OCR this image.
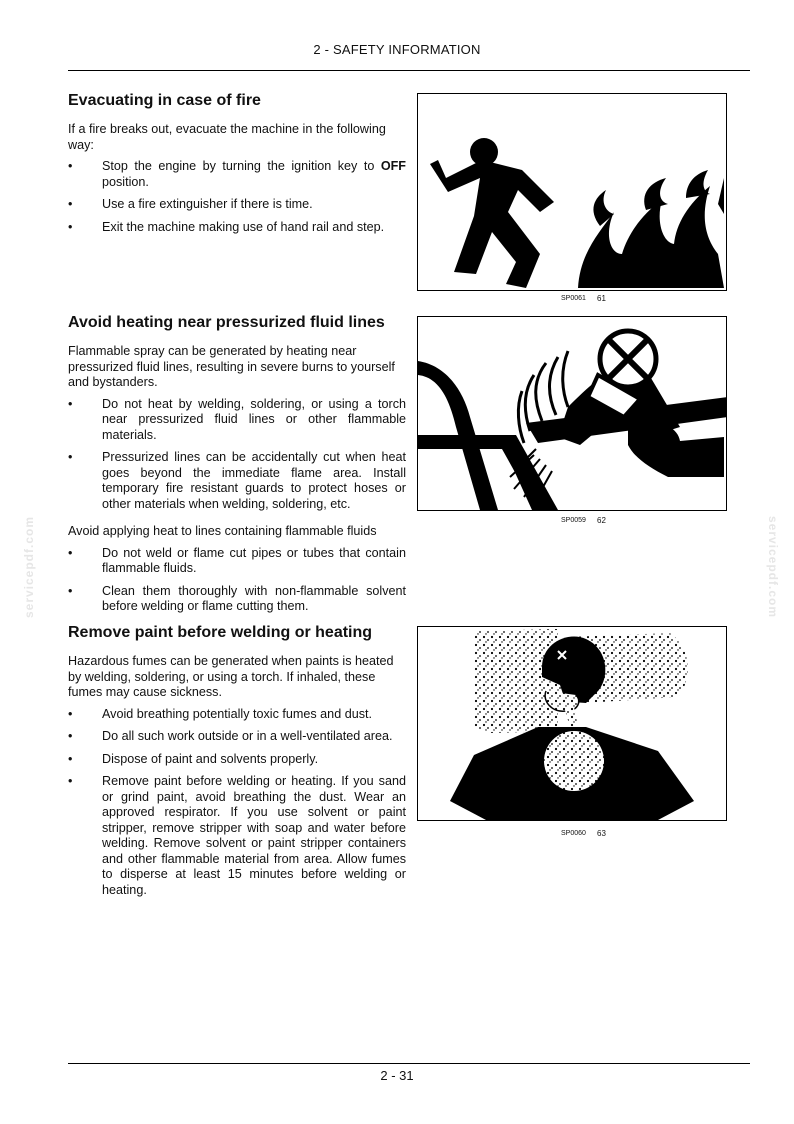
2 - SAFETY INFORMATION
servicepdf.com	servicepdf.com
Evacuating in case of fire

If a fire breaks out, evacuate the machine in the following way:

• Stop the engine by turning the ignition key to OFF position.
• Use a fire extinguisher if there is time.
• Exit the machine making use of hand rail and step.
SP0061 61
Avoid heating near pressurized fluid lines

Flammable spray can be generated by heating near pressurized fluid lines, resulting in severe burns to yourself and bystanders.

• Do not heat by welding, soldering, or using a torch near pressurized fluid lines or other flammable materials.
• Pressurized lines can be accidentally cut when heat goes beyond the immediate flame area. Install temporary fire resistant guards to protect hoses or other materials when welding, soldering, etc.

Avoid applying heat to lines containing flammable fluids

• Do not weld or flame cut pipes or tubes that contain flammable fluids.
• Clean them thoroughly with non-flammable solvent before welding or flame cutting them.
SP0059 62
Remove paint before welding or heating

Hazardous fumes can be generated when paints is heated by welding, soldering, or using a torch. If inhaled, these fumes may cause sickness.

• Avoid breathing potentially toxic fumes and dust.
• Do all such work outside or in a well-ventilated area.
• Dispose of paint and solvents properly.
• Remove paint before welding or heating. If you sand or grind paint, avoid breathing the dust. Wear an approved respirator. If you use solvent or paint stripper, remove stripper with soap and water before welding. Remove solvent or paint stripper containers and other flammable material from area. Allow fumes to disperse at least 15 minutes before welding or heating.
SP0060 63
2 - 31
